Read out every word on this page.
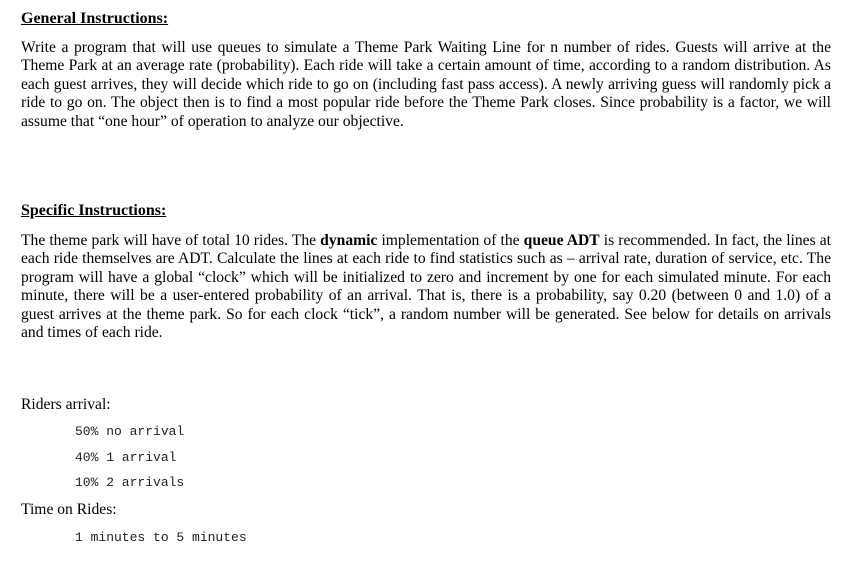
General Instructions:

Write a program that will use queues to simulate a Theme Park Waiting Line for n number of rides. Guests will arrive at the Theme Park at an average rate (probability). Each ride will take a certain amount of time, according to a random distribution. As each guest arrives, they will decide which ride to go on (including fast pass access). A newly arriving guess will randomly pick a ride to go on. The object then is to find a most popular ride before the Theme Park closes. Since probability is a factor, we will assume that “one hour” of operation to analyze our objective.

Specific Instructions:

The theme park will have of total 10 rides. The dynamic implementation of the queue ADT is recommended. In fact, the lines at each ride themselves are ADT. Calculate the lines at each ride to find statistics such as – arrival rate, duration of service, etc. The program will have a global “clock” which will be initialized to zero and increment by one for each simulated minute. For each minute, there will be a user-entered probability of an arrival. That is, there is a probability, say 0.20 (between 0 and 1.0) of a guest arrives at the theme park. So for each clock “tick”, a random number will be generated. See below for details on arrivals and times of each ride.

Riders arrival:

50% no arrival

40% 1 arrival

10% 2 arrivals

Time on Rides:

1 minutes to 5 minutes
